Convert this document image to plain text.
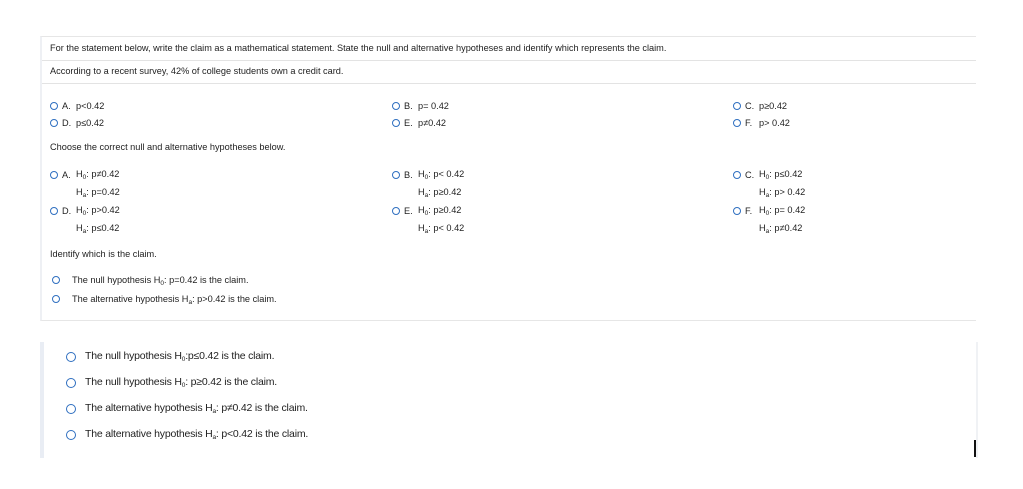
For the statement below, write the claim as a mathematical statement. State the null and alternative hypotheses and identify which represents the claim.
According to a recent survey, 42% of college students own a credit card.
A. p<0.42	B. p= 0.42	C. p≥0.42
D. p≤0.42	E. p≠0.42	F. p> 0.42
Choose the correct null and alternative hypotheses below.
A. $H_0$: p≠0.42
$H_a$: p=0.42
B. $H_0$: p< 0.42
$H_a$: p≥0.42
C. $H_0$: p≤0.42
$H_a$: p> 0.42
D. $H_0$: p>0.42
$H_a$: p≤0.42
E. $H_0$: p≥0.42
$H_a$: p< 0.42
F. $H_0$: p= 0.42
$H_a$: p≠0.42
Identify which is the claim.
The null hypothesis $H_0$: p=0.42 is the claim.
The alternative hypothesis $H_a$: p>0.42 is the claim.
The null hypothesis $H_0:p\le 0.42$ is the claim.
The null hypothesis $H_0$: p≥0.42 is the claim.
The alternative hypothesis $H_a$: p≠0.42 is the claim.
The alternative hypothesis $H_a$: p<0.42 is the claim.
